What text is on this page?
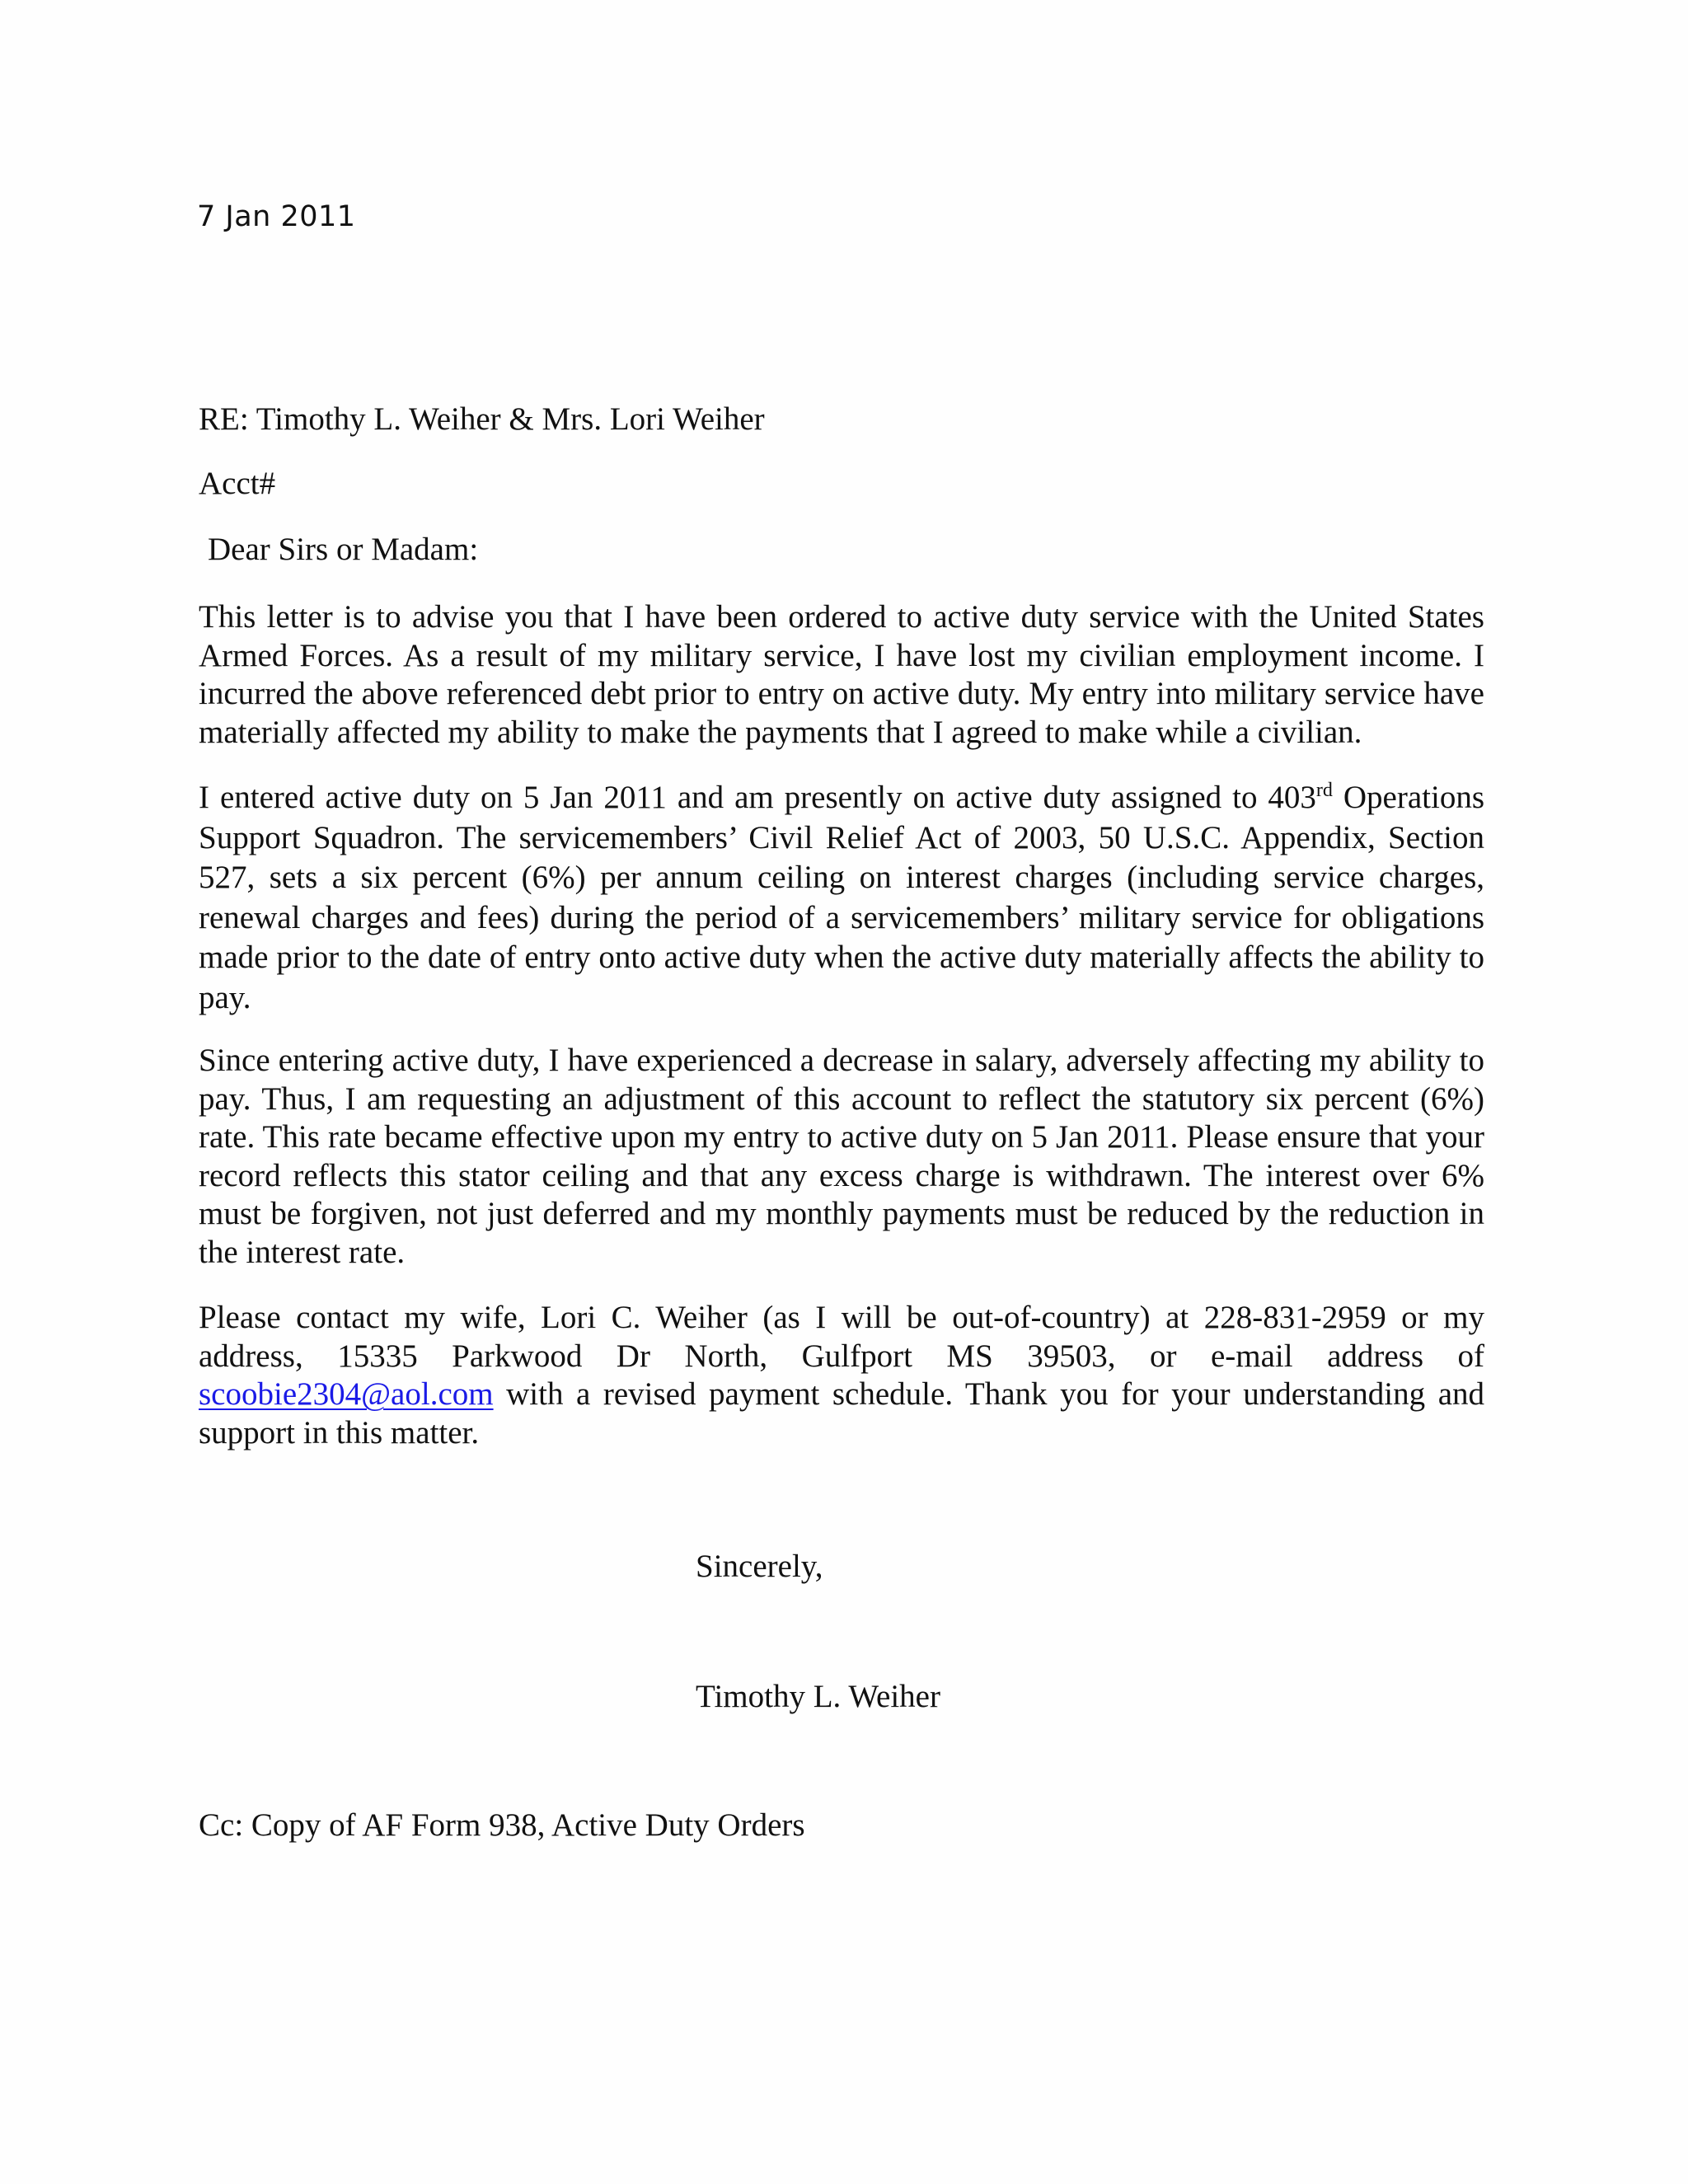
7 Jan 2011
RE: Timothy L. Weiher & Mrs. Lori Weiher
Acct#
Dear Sirs or Madam:
This letter is to advise you that I have been ordered to active duty service with the United States Armed Forces. As a result of my military service, I have lost my civilian employment income. I incurred the above referenced debt prior to entry on active duty. My entry into military service have materially affected my ability to make the payments that I agreed to make while a civilian.
I entered active duty on 5 Jan 2011 and am presently on active duty assigned to 403rd Operations Support Squadron. The servicemembers’ Civil Relief Act of 2003, 50 U.S.C. Appendix, Section 527, sets a six percent (6%) per annum ceiling on interest charges (including service charges, renewal charges and fees) during the period of a servicemembers’ military service for obligations made prior to the date of entry onto active duty when the active duty materially affects the ability to pay.
Since entering active duty, I have experienced a decrease in salary, adversely affecting my ability to pay. Thus, I am requesting an adjustment of this account to reflect the statutory six percent (6%) rate. This rate became effective upon my entry to active duty on 5 Jan 2011. Please ensure that your record reflects this stator ceiling and that any excess charge is withdrawn. The interest over 6% must be forgiven, not just deferred and my monthly payments must be reduced by the reduction in the interest rate.
Please contact my wife, Lori C. Weiher (as I will be out-of-country) at 228-831-2959 or my address, 15335 Parkwood Dr North, Gulfport MS 39503, or e-mail address of scoobie2304@aol.com with a revised payment schedule. Thank you for your understanding and support in this matter.
Sincerely,
Timothy L. Weiher
Cc: Copy of AF Form 938, Active Duty Orders
